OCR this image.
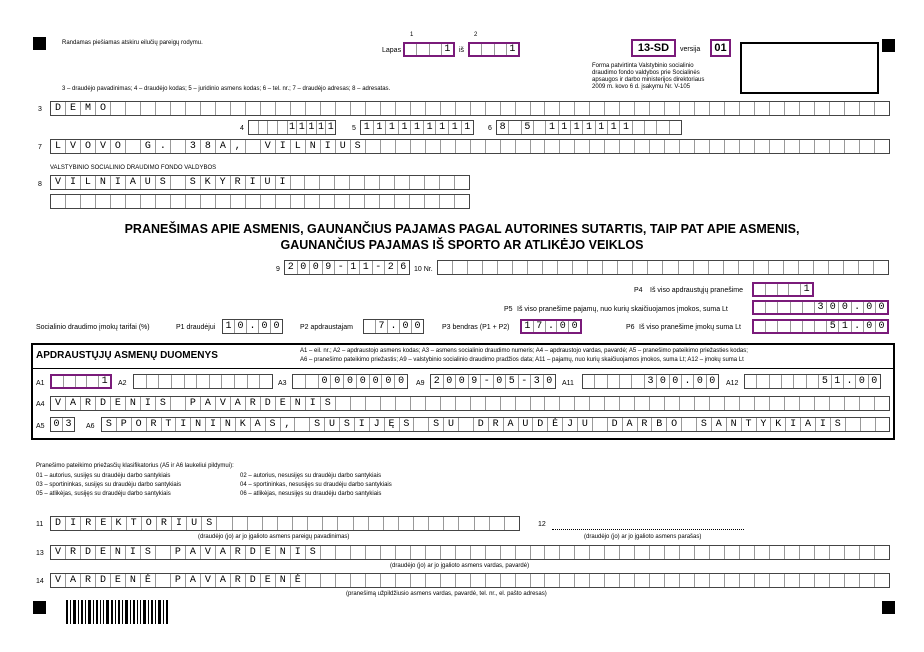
Randamas piešiamas atskiru eilučių pareigų rodymu.
1	2
Lapas	1	iš	1	13-SD	versija	01
Forma patvirtinta Valstybinio socialinio
draudimo fondo valdybos prie Socialinės
apsaugos ir darbo ministerijos direktoriaus
2009 m. kovo 6 d. įsakymu Nr. V-105
3 – draudėjo pavadinimas; 4 – draudėjo kodas; 5 – juridinio asmens kodas; 6 – tel. nr.; 7 – draudėjo adresas; 8 – adresatas.
3	D E M O
4	1 1 1 1 1	5 1 1 1 1 1 1 1 1 1	6 8	5	1 1 1 1 1 1 1
7	L V O V O	G .	3 8 A ,	V I L N I U S
VALSTYBINIO SOCIALINIO DRAUDIMO FONDO VALDYBOS
8	V I L N I A U S	S K Y R I U I
PRANEŠIMAS APIE ASMENIS, GAUNANČIUS PAJAMAS PAGAL AUTORINES SUTARTIS, TAIP PAT APIE ASMENIS,
GAUNANČIUS PAJAMAS IŠ SPORTO AR ATLIKĖJO VEIKLOS
9 2 0 0 9 - 1 1 - 2 6	10 Nr.
P4 Iš viso apdraustųjų pranešime	1
P5 Iš viso pranešime pajamų, nuo kurių skaičiuojamos įmokos, suma Lt	3 0 0 . 0 0
Socialinio draudimo įmokų tarifai (%)	P1 draudėjui 1 0 . 0 0	P2 apdraustajam	7 . 0 0	P3 bendras (P1 + P2) 1 7 . 0 0	P6 Iš viso pranešime įmokų suma Lt	5 1 . 0 0
APDRAUSTŲJŲ ASMENŲ DUOMENYS	A1 – eil. nr.; A2 – apdraustojo asmens kodas; A3 – asmens socialinio draudimo numeris; A4 – apdraustojo vardas, pavardė; A5 – pranešimo pateikimo priežasties kodas;
A6 – pranešimo pateikimo priežastis; A9 – valstybinio socialinio draudimo pradžios data; A11 – pajamų, nuo kurių skaičiuojamos įmokos, suma Lt; A12 – įmokų suma Lt
A1	1	A2	A3	0 0 0 0 0 0 0	A9 2 0 0 9 - 0 5 - 3 0	A11	3 0 0 . 0 0	A12	5 1 . 0 0
A4	V A R D E N I S	P A V A R D E N I S
A5 0 3	A6	S P O R T I N I N K A S ,	S U S I J Ę S	S U	D R A U D Ė J U	D A R B O	S A N T Y K I A I S
Pranešimo pateikimo priežasčių klasifikatorius (A5 ir A6 laukeliui pildymui):
01 – autorius, susijęs su draudėju darbo santykiais
03 – sportininkas, susijęs su draudėju darbo santykiais
05 – atlikėjas, susijęs su draudėju darbo santykiais
02 – autorius, nesusijęs su draudėju darbo santykiais
04 – sportininkas, nesusijęs su draudėju darbo santykiais
06 – atlikėjas, nesusijęs su draudėju darbo santykiais
11	D I R E K T O R I U S
(draudėjo (jo) ar jo įgalioto asmens pareigų pavadinimas)
12
(draudėjo (jo) ar jo įgalioto asmens parašas)
13	V R D E N I S	P A V A R D E N I S
(draudėjo (jo) ar jo įgalioto asmens vardas, pavardė)
14	V A R D E N Ė	P A V A R D E N Ė
(pranešimą užpildžiusio asmens vardas, pavardė, tel. nr., el. pašto adresas)
